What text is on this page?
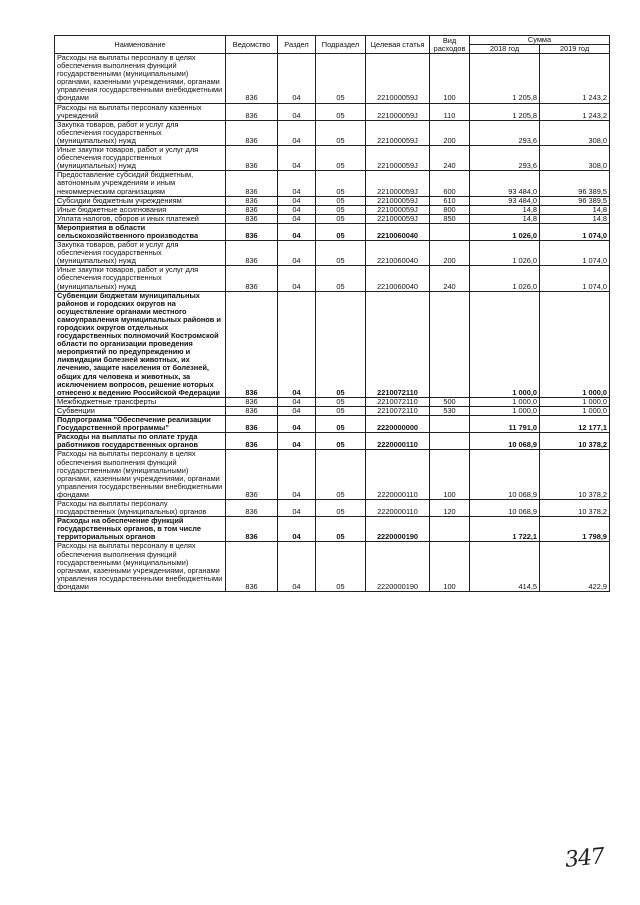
Наименование	Ведомство	Раздел	Подраздел	Целевая статья	Вид расходов	Сумма	
						2018 год	2019 год
Расходы на выплаты персоналу в целях обеспечения выполнения функций государственными (муниципальными) органами, казенными учреждениями, органами управления государственными внебюджетными фондами	836	04	05	221000059J	100	1 205,8	1 243,2
Расходы на выплаты персоналу казенных учреждений	836	04	05	221000059J	110	1 205,8	1 243,2
Закупка товаров, работ и услуг для обеспечения государственных (муниципальных) нужд	836	04	05	221000059J	200	293,6	308,0
Иные закупки товаров, работ и услуг для обеспечения государственных (муниципальных) нужд	836	04	05	221000059J	240	293,6	308,0
Предоставление субсидий бюджетным, автономным учреждениям и иным некоммерческим организациям	836	04	05	221000059J	600	93 484,0	96 389,5
Субсидии бюджетным учреждениям	836	04	05	221000059J	610	93 484,0	96 389,5
Иные бюджетные ассигнования	836	04	05	221000059J	800	14,8	14,8
Уплата налогов, сборов и иных платежей	836	04	05	221000059J	850	14,8	14,8
Мероприятия в области сельскохозяйственного производства	836	04	05	2210060040		1 026,0	1 074,0
Закупка товаров, работ и услуг для обеспечения государственных (муниципальных) нужд	836	04	05	2210060040	200	1 026,0	1 074,0
Иные закупки товаров, работ и услуг для обеспечения государственных (муниципальных) нужд	836	04	05	2210060040	240	1 026,0	1 074,0
Субвенции бюджетам муниципальных районов и городских округов на осуществление органами местного самоуправления муниципальных районов и городских округов отдельных государственных полномочий Костромской области по организации проведения мероприятий по предупреждению и ликвидации болезней животных, их лечению, защите населения от болезней, общих для человека и животных, за исключением вопросов, решение которых отнесено к ведению Российской Федерации	836	04	05	2210072110		1 000,0	1 000,0
Межбюджетные трансферты	836	04	05	2210072110	500	1 000,0	1 000,0
Субвенции	836	04	05	2210072110	530	1 000,0	1 000,0
Подпрограмма "Обеспечение реализации Государственной программы"	836	04	05	2220000000		11 791,0	12 177,1
Расходы на выплаты по оплате труда работников государственных органов	836	04	05	2220000110		10 068,9	10 378,2
Расходы на выплаты персоналу в целях обеспечения выполнения функций государственными (муниципальными) органами, казенными учреждениями, органами управления государственными внебюджетными фондами	836	04	05	2220000110	100	10 068,9	10 378,2
Расходы на выплаты персоналу государственных (муниципальных) органов	836	04	05	2220000110	120	10 068,9	10 378,2
Расходы на обеспечение функций государственных органов, в том числе территориальных органов	836	04	05	2220000190		1 722,1	1 798,9
Расходы на выплаты персоналу в целях обеспечения выполнения функций государственными (муниципальными) органами, казенными учреждениями, органами управления государственными внебюджетными фондами	836	04	05	2220000190	100	414,5	422,9
347
